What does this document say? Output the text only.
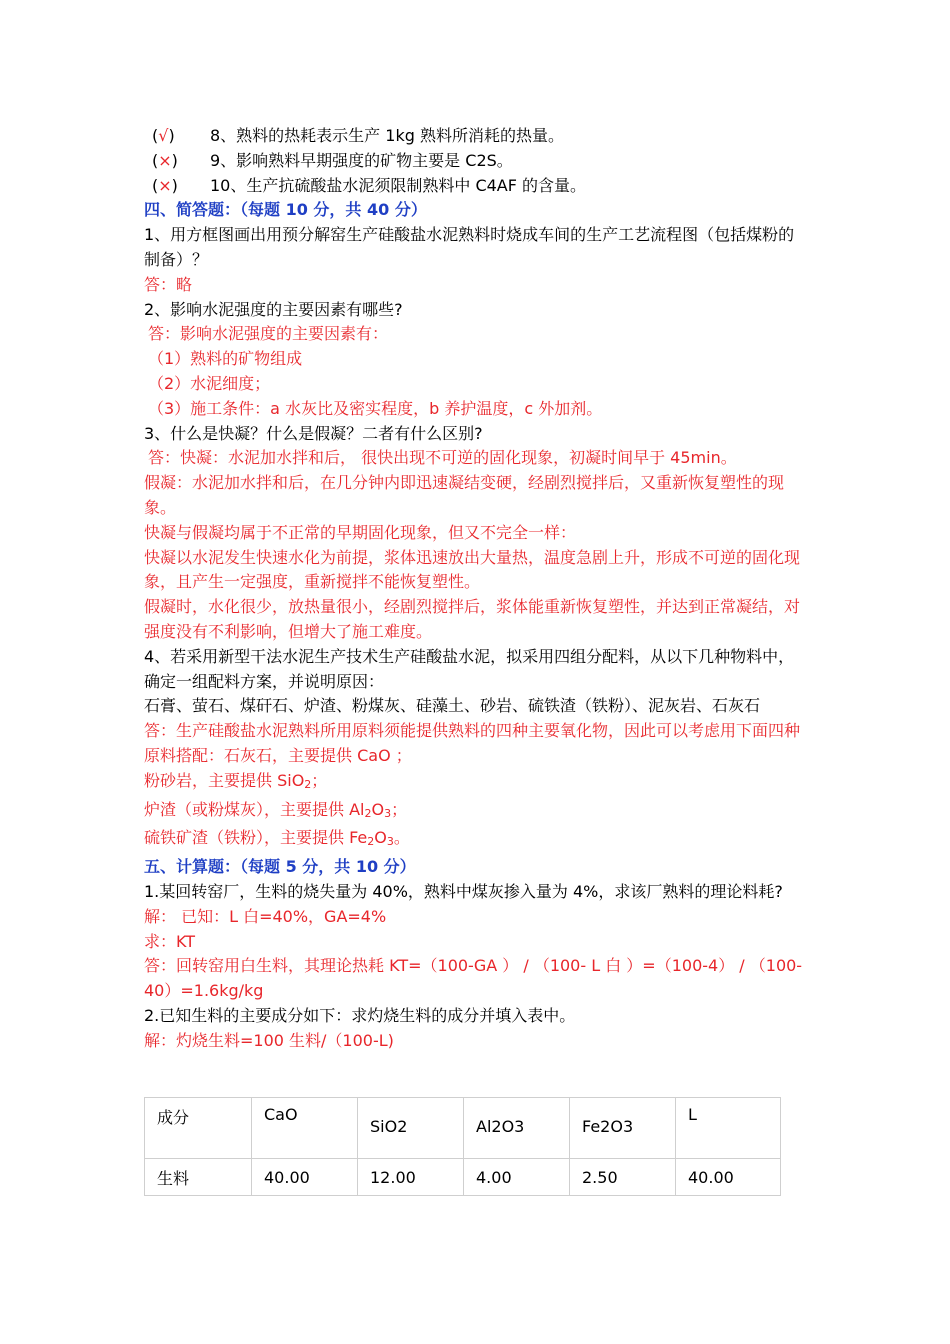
(√) 8、熟料的热耗表示生产 1kg 熟料所消耗的热量。
(×) 9、影响熟料早期强度的矿物主要是 C2S。
(×) 10、生产抗硫酸盐水泥须限制熟料中 C4AF 的含量。
四、简答题：（每题 10 分，共 40 分）
1、用方框图画出用预分解窑生产硅酸盐水泥熟料时烧成车间的生产工艺流程图（包括煤粉的制备）？
答：略
2、影响水泥强度的主要因素有哪些?
答：影响水泥强度的主要因素有：
（1）熟料的矿物组成
（2）水泥细度；
（3）施工条件：a 水灰比及密实程度，b 养护温度，c 外加剂。
3、什么是快凝？什么是假凝？二者有什么区别?
答：快凝：水泥加水拌和后， 很快出现不可逆的固化现象，初凝时间早于 45min。
假凝：水泥加水拌和后，在几分钟内即迅速凝结变硬，经剧烈搅拌后，又重新恢复塑性的现象。
快凝与假凝均属于不正常的早期固化现象，但又不完全一样：
快凝以水泥发生快速水化为前提，浆体迅速放出大量热，温度急剧上升，形成不可逆的固化现象，且产生一定强度，重新搅拌不能恢复塑性。
假凝时，水化很少，放热量很小，经剧烈搅拌后，浆体能重新恢复塑性，并达到正常凝结，对强度没有不利影响，但增大了施工难度。
4、若采用新型干法水泥生产技术生产硅酸盐水泥，拟采用四组分配料，从以下几种物料中， 确定一组配料方案，并说明原因：
石膏、萤石、煤矸石、炉渣、粉煤灰、硅藻土、砂岩、硫铁渣（铁粉）、泥灰岩、石灰石
答：生产硅酸盐水泥熟料所用原料须能提供熟料的四种主要氧化物，因此可以考虑用下面四种原料搭配：石灰石，主要提供 CaO ；
粉砂岩，主要提供 SiO$_2$；
炉渣（或粉煤灰），主要提供 $Al_2O_3$；
硫铁矿渣（铁粉），主要提供 $Fe_2O_3$。
五、计算题：（每题 5 分，共 10 分）
1.某回转窑厂，生料的烧失量为 40%，熟料中煤灰掺入量为 4%，求该厂熟料的理论料耗?
解： 已知：L 白=40%，GA=4%
求：KT
答：回转窑用白生料，其理论热耗 KT=（100-GA ） / （100- L 白 ）=（100-4） / （100-40）=1.6kg/kg
2.已知生料的主要成分如下：求灼烧生料的成分并填入表中。
解：灼烧生料=100 生料/（100-L)
成分	CaO	SiO2	Al2O3	Fe2O3	L

生料	40.00	12.00	4.00	2.50	40.00
